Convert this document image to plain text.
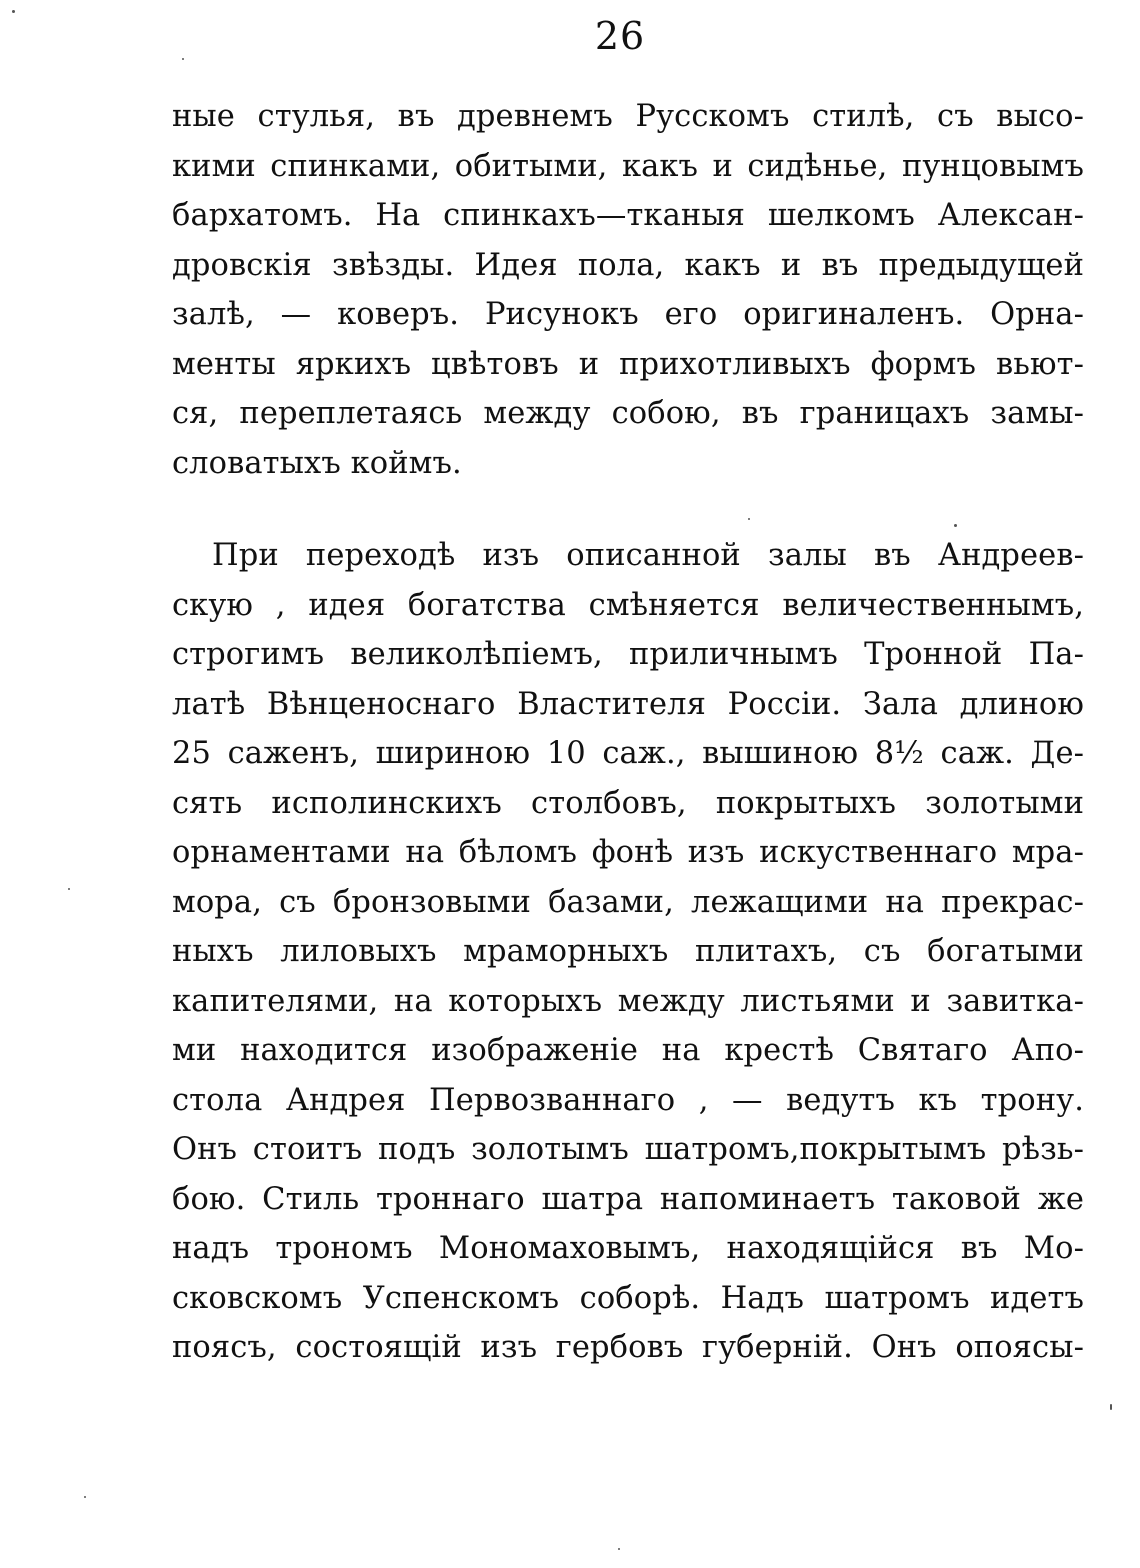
26
ные стулья, въ древнемъ Русскомъ стилѣ, съ высо-
кими спинками, обитыми, какъ и сидѣнье, пунцовымъ
бархатомъ. На спинкахъ—тканыя шелкомъ Алексан-
дровскія звѣзды. Идея пола, какъ и въ предыдущей
залѣ, — коверъ. Рисунокъ его оригиналенъ. Орна-
менты яркихъ цвѣтовъ и прихотливыхъ формъ вьют-
ся, переплетаясь между собою, въ границахъ замы-
словатыхъ коймъ.
При переходѣ изъ описанной залы въ Андреев-
скую , идея богатства смѣняется величественнымъ,
строгимъ великолѣпіемъ, приличнымъ Тронной Па-
латѣ Вѣнценоснаго Властителя Россіи. Зала длиною
25 саженъ, шириною 10 саж., вышиною 8½ саж. Де-
сять исполинскихъ столбовъ, покрытыхъ золотыми
орнаментами на бѣломъ фонѣ изъ искуственнаго мра-
мора, съ бронзовыми базами, лежащими на прекрас-
ныхъ лиловыхъ мраморныхъ плитахъ, съ богатыми
капителями, на которыхъ между листьями и завитка-
ми находится изображеніе на крестѣ Святаго Апо-
стола Андрея Первозваннаго , — ведутъ къ трону.
Онъ стоитъ подъ золотымъ шатромъ,покрытымъ рѣзь-
бою. Стиль троннаго шатра напоминаетъ таковой же
надъ трономъ Мономаховымъ, находящійся въ Мо-
сковскомъ Успенскомъ соборѣ. Надъ шатромъ идетъ
поясъ, состоящій изъ гербовъ губерній. Онъ опоясы-
